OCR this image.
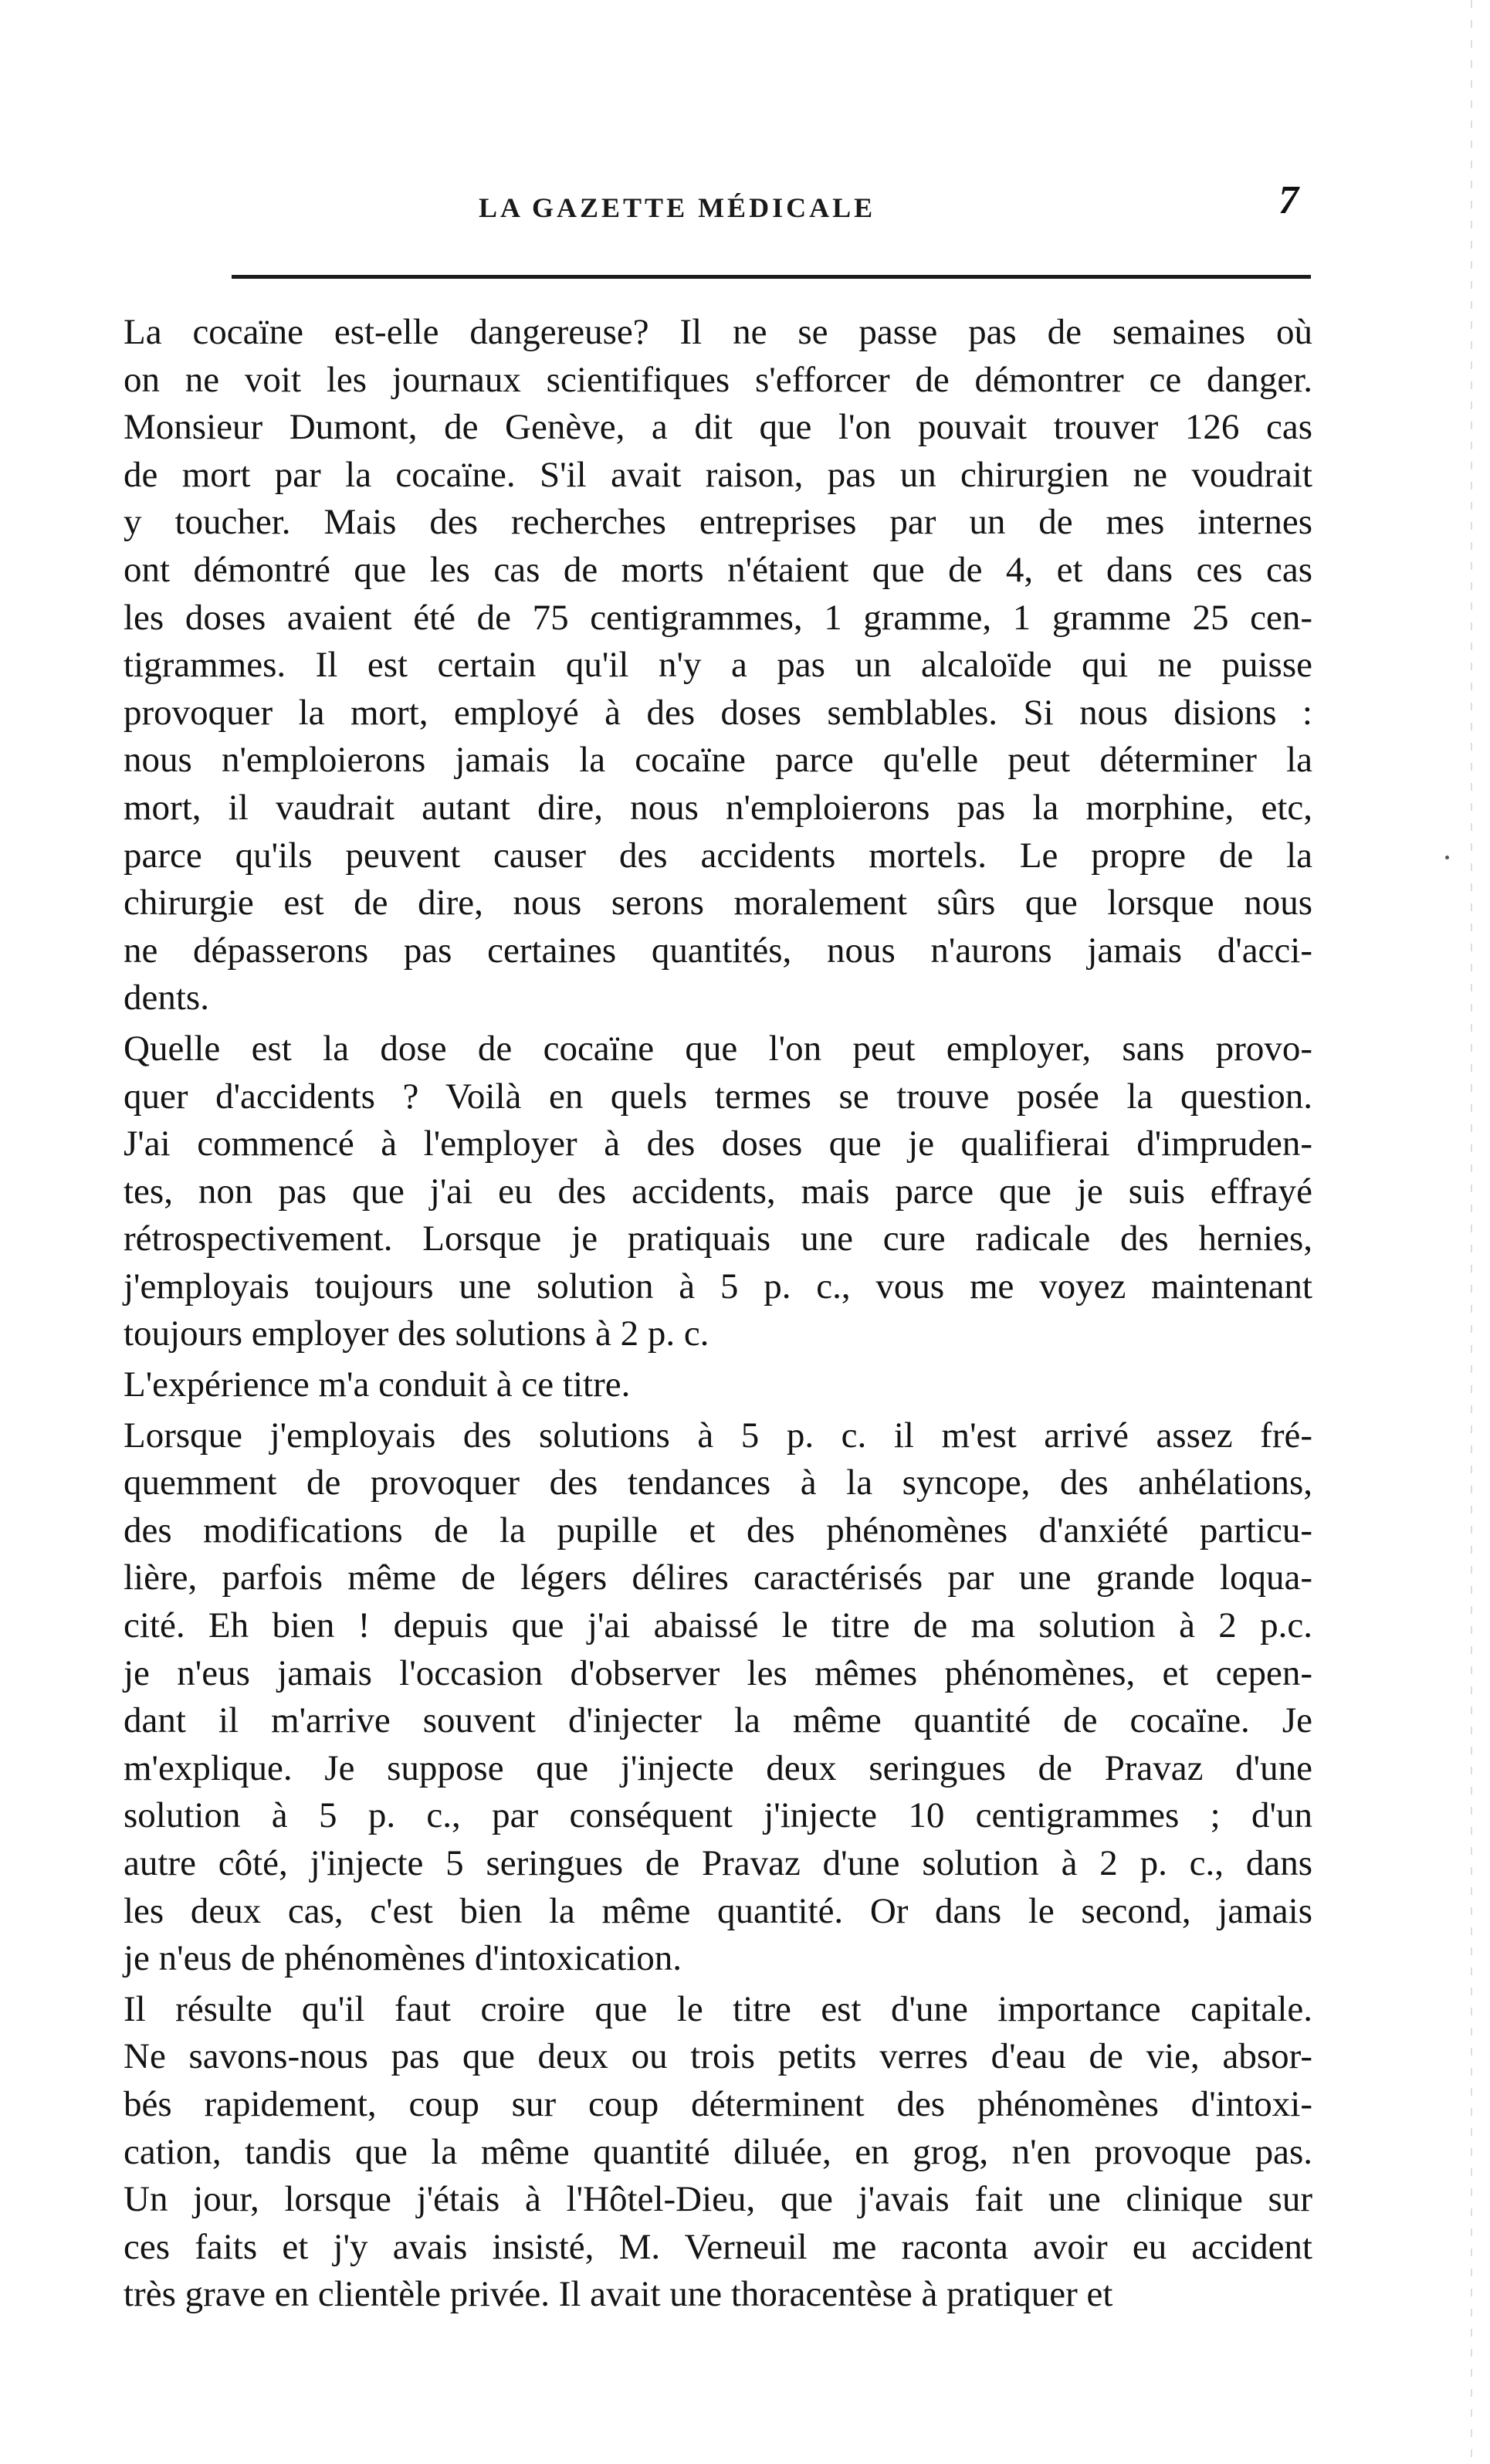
LA GAZETTE MÉDICALE	7
La cocaïne est-elle dangereuse? Il ne se passe pas de semaines où
on ne voit les journaux scientifiques s'efforcer de démontrer ce danger.
Monsieur Dumont, de Genève, a dit que l'on pouvait trouver 126 cas
de mort par la cocaïne. S'il avait raison, pas un chirurgien ne voudrait
y toucher. Mais des recherches entreprises par un de mes internes
ont démontré que les cas de morts n'étaient que de 4, et dans ces cas
les doses avaient été de 75 centigrammes, 1 gramme, 1 gramme 25 cen-
tigrammes. Il est certain qu'il n'y a pas un alcaloïde qui ne puisse
provoquer la mort, employé à des doses semblables. Si nous disions :
nous n'emploierons jamais la cocaïne parce qu'elle peut déterminer la
mort, il vaudrait autant dire, nous n'emploierons pas la morphine, etc,
parce qu'ils peuvent causer des accidents mortels. Le propre de la
chirurgie est de dire, nous serons moralement sûrs que lorsque nous
ne dépasserons pas certaines quantités, nous n'aurons jamais d'acci-
dents.
Quelle est la dose de cocaïne que l'on peut employer, sans provo-
quer d'accidents ? Voilà en quels termes se trouve posée la question.
J'ai commencé à l'employer à des doses que je qualifierai d'impruden-
tes, non pas que j'ai eu des accidents, mais parce que je suis effrayé
rétrospectivement. Lorsque je pratiquais une cure radicale des hernies,
j'employais toujours une solution à 5 p. c., vous me voyez maintenant
toujours employer des solutions à 2 p. c.
L'expérience m'a conduit à ce titre.
Lorsque j'employais des solutions à 5 p. c. il m'est arrivé assez fré-
quemment de provoquer des tendances à la syncope, des anhélations,
des modifications de la pupille et des phénomènes d'anxiété particu-
lière, parfois même de légers délires caractérisés par une grande loqua-
cité. Eh bien ! depuis que j'ai abaissé le titre de ma solution à 2 p.c.
je n'eus jamais l'occasion d'observer les mêmes phénomènes, et cepen-
dant il m'arrive souvent d'injecter la même quantité de cocaïne. Je
m'explique. Je suppose que j'injecte deux seringues de Pravaz d'une
solution à 5 p. c., par conséquent j'injecte 10 centigrammes ; d'un
autre côté, j'injecte 5 seringues de Pravaz d'une solution à 2 p. c., dans
les deux cas, c'est bien la même quantité. Or dans le second, jamais
je n'eus de phénomènes d'intoxication.
Il résulte qu'il faut croire que le titre est d'une importance capitale.
Ne savons-nous pas que deux ou trois petits verres d'eau de vie, absor-
bés rapidement, coup sur coup déterminent des phénomènes d'intoxi-
cation, tandis que la même quantité diluée, en grog, n'en provoque pas.
Un jour, lorsque j'étais à l'Hôtel-Dieu, que j'avais fait une clinique sur
ces faits et j'y avais insisté, M. Verneuil me raconta avoir eu accident
très grave en clientèle privée. Il avait une thoracentèse à pratiquer et
